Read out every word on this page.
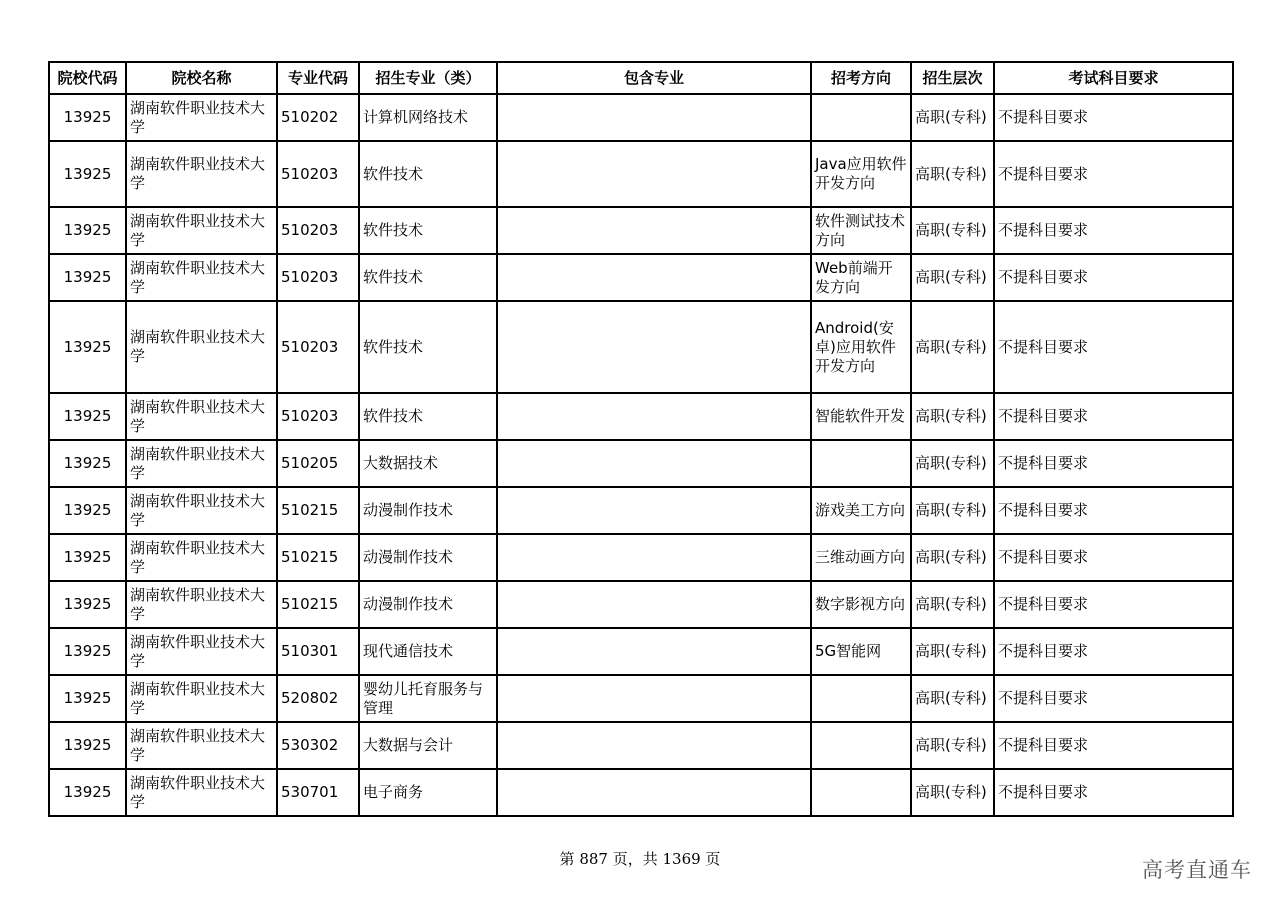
院校代码	院校名称	专业代码	招生专业（类）	包含专业	招考方向	招生层次	考试科目要求
13925	湖南软件职业技术大学	510202	计算机网络技术			高职(专科)	不提科目要求
13925	湖南软件职业技术大学	510203	软件技术		Java应用软件开发方向	高职(专科)	不提科目要求
13925	湖南软件职业技术大学	510203	软件技术		软件测试技术方向	高职(专科)	不提科目要求
13925	湖南软件职业技术大学	510203	软件技术		Web前端开发方向	高职(专科)	不提科目要求
13925	湖南软件职业技术大学	510203	软件技术		Android(安卓)应用软件开发方向	高职(专科)	不提科目要求
13925	湖南软件职业技术大学	510203	软件技术		智能软件开发	高职(专科)	不提科目要求
13925	湖南软件职业技术大学	510205	大数据技术			高职(专科)	不提科目要求
13925	湖南软件职业技术大学	510215	动漫制作技术		游戏美工方向	高职(专科)	不提科目要求
13925	湖南软件职业技术大学	510215	动漫制作技术		三维动画方向	高职(专科)	不提科目要求
13925	湖南软件职业技术大学	510215	动漫制作技术		数字影视方向	高职(专科)	不提科目要求
13925	湖南软件职业技术大学	510301	现代通信技术		5G智能网	高职(专科)	不提科目要求
13925	湖南软件职业技术大学	520802	婴幼儿托育服务与管理			高职(专科)	不提科目要求
13925	湖南软件职业技术大学	530302	大数据与会计			高职(专科)	不提科目要求
13925	湖南软件职业技术大学	530701	电子商务			高职(专科)	不提科目要求
第 887 页，共 1369 页	高考直通车
